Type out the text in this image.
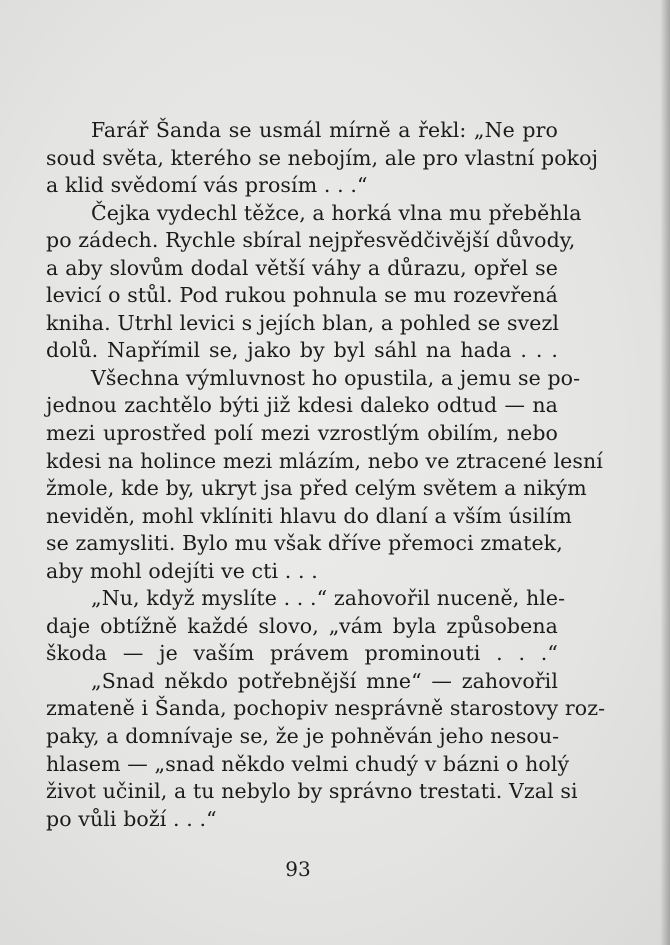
Farář Šanda se usmál mírně a řekl: „Ne pro
soud světa, kterého se nebojím, ale pro vlastní pokoj
a klid svědomí vás prosím . . .“
Čejka vydechl těžce, a horká vlna mu přeběhla
po zádech. Rychle sbíral nejpřesvědčivější důvody,
a aby slovům dodal větší váhy a důrazu, opřel se
levicí o stůl. Pod rukou pohnula se mu rozevřená
kniha. Utrhl levici s jejích blan, a pohled se svezl
dolů. Napřímil se, jako by byl sáhl na hada . . .
Všechna výmluvnost ho opustila, a jemu se po-
jednou zachtělo býti již kdesi daleko odtud — na
mezi uprostřed polí mezi vzrostlým obilím, nebo
kdesi na holince mezi mlázím, nebo ve ztracené lesní
žmole, kde by, ukryt jsa před celým světem a nikým
neviděn, mohl vklíniti hlavu do dlaní a vším úsilím
se zamysliti. Bylo mu však dříve přemoci zmatek,
aby mohl odejíti ve cti . . .
„Nu, když myslíte . . .“ zahovořil nuceně, hle-
daje obtížně každé slovo, „vám byla způsobena
škoda — je vaším právem prominouti . . .“
„Snad někdo potřebnější mne“ — zahovořil
zmateně i Šanda, pochopiv nesprávně starostovy roz-
paky, a domnívaje se, že je pohněván jeho nesou-
hlasem — „snad někdo velmi chudý v bázni o holý
život učinil, a tu nebylo by správno trestati. Vzal si
po vůli boží . . .“
93
